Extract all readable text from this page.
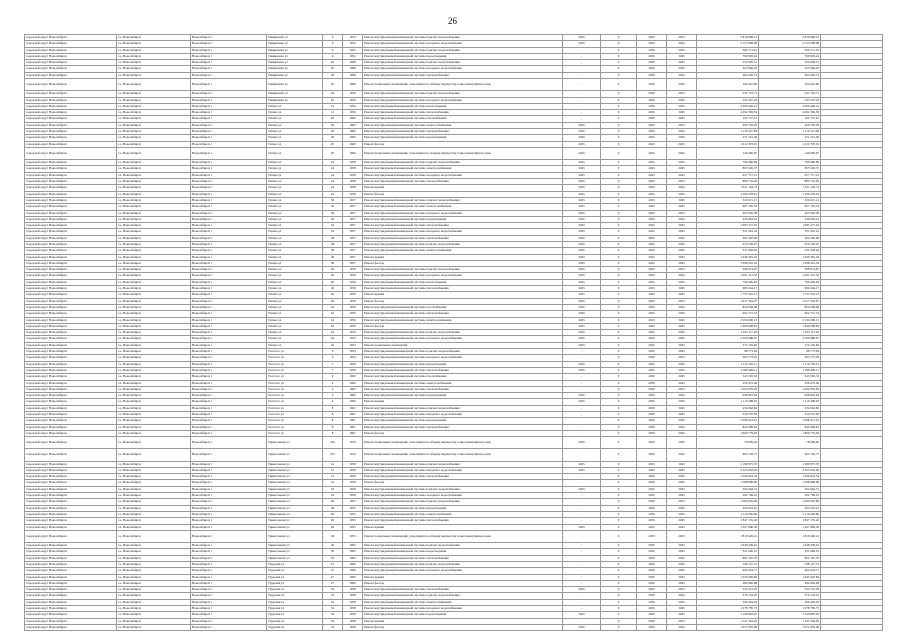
26
городской округ Новосибирск	г.о. Новосибирск	Новосибирск г	Тимирязева ул	6	1952	Ремонт внутридомовой инженерной системы горячего водоснабжения	2045	0	2045	2045	2 819 868,21	2 819 868,21	
городской округ Новосибирск	г.о. Новосибирск	Новосибирск г	Тимирязева ул	6	1952	Ремонт внутридомовой инженерной системы холодного водоснабжения	2045	0	2045	2045	2 155 008,98	2 155 008,98	
городской округ Новосибирск	г.о. Новосибирск	Новосибирск г	Тимирязева ул	6	1952	Ремонт внутридомовой инженерной системы горячего водоснабжения	-	0	2030	2045	309 171,91	309 171,91	
городской округ Новосибирск	г.о. Новосибирск	Новосибирск г	Тимирязева ул	6	1952	Ремонт внутридомовой инженерной системы водоотведения	-	0	2030	2045	799 803,24	799 803,24	
городской округ Новосибирск	г.о. Новосибирск	Новосибирск г	Тимирязева ул	26	1968	Ремонт внутридомовой инженерной системы горячего водоснабжения	-	0	2030	2045	254 609,51	254 609,51	
городской округ Новосибирск	г.о. Новосибирск	Новосибирск г	Тимирязева ул	26	1968	Ремонт внутридомовой инженерной системы холодного водоснабжения	-	0	2030	2045	325 946,22	325 946,22	
городской округ Новосибирск	г.о. Новосибирск	Новосибирск г	Тимирязева ул	26	1968	Ремонт внутридомовой инженерной системы теплоснабжения	-	0	2030	2045	464 026,73	464 026,73	
городской округ Новосибирск	г.о. Новосибирск	Новосибирск г	Тимирязева ул	26	1968	Ремонт подвальных помещений, относящихся к общему имуществу в многоквартирном доме	-	0	2030	2045	104 410,96	104 410,96	
городской округ Новосибирск	г.о. Новосибирск	Новосибирск г	Тимирязева ул	62	1956	Ремонт внутридомовой инженерной системы горячего водоснабжения	-	0	2030	2045	231 701,71	231 701,71	
городской округ Новосибирск	г.о. Новосибирск	Новосибирск г	Тимирязева ул	62	1956	Ремонт внутридомовой инженерной системы холодного водоснабжения	-	0	2030	2045	543 547,43	543 547,43	
городской округ Новосибирск	г.о. Новосибирск	Новосибирск г	Титова ул	12	1956	Ремонт внутридомовой инженерной системы водоотведения	-	0	2030	2045	2 069 446,41	2 069 446,41	
городской округ Новосибирск	г.о. Новосибирск	Новосибирск г	Титова ул	12	1956	Ремонт внутридомовой инженерной системы теплоснабжения	-	0	2030	2045	4 292 369,59	4 292 369,59	
городской округ Новосибирск	г.о. Новосибирск	Новосибирск г	Титова ул	20	1960	Ремонт внутридомовой инженерной системы газоснабжения	-	0	2030	2045	102 137,61	102 137,61	
городской округ Новосибирск	г.о. Новосибирск	Новосибирск г	Титова ул	20	1960	Ремонт внутридомовой инженерной системы электроснабжения	2045	0	2045	2045	406 765,93	406 765,93	
городской округ Новосибирск	г.о. Новосибирск	Новосибирск г	Титова ул	20	1960	Ремонт внутридомовой инженерной системы теплоснабжения	2045	0	2045	2045	1 110 527,08	1 110 527,08	
городской округ Новосибирск	г.о. Новосибирск	Новосибирск г	Титова ул	20	1960	Ремонт внутридомовой инженерной системы водоотведения	2045	0	2045	2045	251 221,49	251 221,49	
городской округ Новосибирск	г.о. Новосибирск	Новосибирск г	Титова ул	20	1960	Ремонт фасада	2045	0	2045	2045	1 012 370,91	1 012 370,91	
городской округ Новосибирск	г.о. Новосибирск	Новосибирск г	Титова ул	20	1960	Ремонт подвальных помещений, относящихся к общему имуществу в многоквартирном доме	2045	0	2045	2045	146 060,97	146 060,97	
городской округ Новосибирск	г.о. Новосибирск	Новосибирск г	Титова ул	24	1958	Ремонт внутридомовой инженерной системы горячего водоснабжения	2045	0	2045	2045	799 486,69	799 486,69	
городской округ Новосибирск	г.о. Новосибирск	Новосибирск г	Титова ул	24	1958	Ремонт внутридомовой инженерной системы электроснабжения	2045	0	2045	2045	805 526,37	805 526,37	
городской округ Новосибирск	г.о. Новосибирск	Новосибирск г	Титова ул	24	1958	Ремонт внутридомовой инженерной системы холодного водоснабжения	2045	0	2045	2045	657 717,12	657 717,12	
городской округ Новосибирск	г.о. Новосибирск	Новосибирск г	Титова ул	24	1958	Ремонт внутридомовой инженерной системы теплоснабжения	2045	0	2045	2045	880 732,02	880 732,02	
городской округ Новосибирск	г.о. Новосибирск	Новосибирск г	Титова ул	24	1958	Ремонт крыши	2045	0	2045	2045	1 321 104,73	1 321 104,73	
городской округ Новосибирск	г.о. Новосибирск	Новосибирск г	Титова ул	24	1958	Ремонт фасада	2045	0	2045	2045	1 109 278,91	1 109 278,91	
городской округ Новосибирск	г.о. Новосибирск	Новосибирск г	Титова ул	30	1957	Ремонт внутридомовой инженерной системы горячего водоснабжения	2045	0	2045	2045	320 615,21	320 615,21	
городской округ Новосибирск	г.о. Новосибирск	Новосибирск г	Титова ул	30	1957	Ремонт внутридомовой инженерной системы электроснабжения	2045	0	2045	2045	907 165,53	907 165,53	
городской округ Новосибирск	г.о. Новосибирск	Новосибирск г	Титова ул	30	1957	Ремонт внутридомовой инженерной системы холодного водоснабжения	2045	0	2045	2045	463 026,38	463 026,38	
городской округ Новосибирск	г.о. Новосибирск	Новосибирск г	Титова ул	30	1957	Ремонт внутридомовой инженерной системы водоотведения	2045	0	2045	2045	436 093,41	436 093,41	
городской округ Новосибирск	г.о. Новосибирск	Новосибирск г	Титова ул	34	1957	Ремонт внутридомовой инженерной системы теплоснабжения	2045	0	2045	2045	1 083 277,45	1 083 277,45	
городской округ Новосибирск	г.о. Новосибирск	Новосибирск г	Титова ул	34	1957	Ремонт внутридомовой инженерной системы холодного водоснабжения	2045	0	2045	2045	351 901,24	351 901,24	
городской округ Новосибирск	г.о. Новосибирск	Новосибирск г	Титова ул	38	1957	Ремонт внутридомовой инженерной системы теплоснабжения	2045	0	2045	2045	294 420,66	294 420,66	
городской округ Новосибирск	г.о. Новосибирск	Новосибирск г	Титова ул	38	1957	Ремонт внутридомовой инженерной системы горячего водоснабжения	2045	0	2045	2045	679 239,07	679 239,07	
городской округ Новосибирск	г.о. Новосибирск	Новосибирск г	Титова ул	38	1957	Ремонт внутридомовой инженерной системы электроснабжения	2045	0	2045	2045	331 628,44	331 628,44	
городской округ Новосибирск	г.о. Новосибирск	Новосибирск г	Титова ул	38	1957	Ремонт крыши	2045	0	2045	2045	1 046 381,18	1 046 381,18	
городской округ Новосибирск	г.о. Новосибирск	Новосибирск г	Титова ул	38	1957	Ремонт фасада	2045	0	2045	2045	1 098 261,54	1 098 261,54	
городской округ Новосибирск	г.о. Новосибирск	Новосибирск г	Титова ул	40	1959	Ремонт внутридомовой инженерной системы горячего водоснабжения	2045	0	2045	2045	398 014,87	398 014,87	
городской округ Новосибирск	г.о. Новосибирск	Новосибирск г	Титова ул	40	1959	Ремонт внутридомовой инженерной системы холодного водоснабжения	2045	0	2045	2045	1 061 212,52	1 061 212,52	
городской округ Новосибирск	г.о. Новосибирск	Новосибирск г	Титова ул	40	1959	Ремонт внутридомовой инженерной системы водоотведения	2045	0	2045	2045	799 449,92	799 449,92	
городской округ Новосибирск	г.о. Новосибирск	Новосибирск г	Титова ул	40	1959	Ремонт внутридомовой инженерной системы теплоснабжения	2045	0	2045	2045	980 244,17	980 244,17	
городской округ Новосибирск	г.о. Новосибирск	Новосибирск г	Титова ул	40	1959	Ремонт крыши	2045	0	2045	2045	1 753 322,13	1 753 322,13	
городской округ Новосибирск	г.о. Новосибирск	Новосибирск г	Титова ул	40	1959	Ремонт фасада	2045	0	2045	2045	1 617 324,07	1 617 324,07	
городской округ Новосибирск	г.о. Новосибирск	Новосибирск г	Титова ул	42	1959	Ремонт внутридомовой инженерной системы газоснабжения	2045	0	2045	2045	854 058,48	854 058,48	
городской округ Новосибирск	г.о. Новосибирск	Новосибирск г	Титова ул	42	1959	Ремонт внутридомовой инженерной системы теплоснабжения	2045	0	2045	2045	602 751,53	602 751,53	
городской округ Новосибирск	г.о. Новосибирск	Новосибирск г	Титова ул	42	1959	Ремонт внутридомовой инженерной системы электроснабжения	2045	0	2045	2045	2 194 600,15	2 194 600,15	
городской округ Новосибирск	г.о. Новосибирск	Новосибирск г	Титова ул	42	1959	Ремонт фасада	2045	0	2045	2045	1 690 008,85	1 690 008,85	
городской округ Новосибирск	г.о. Новосибирск	Новосибирск г	Титова ул	44	1952	Ремонт внутридомовой инженерной системы горячего водоснабжения	2045	0	2045	2045	1 033 117,26	1 033 117,26	
городской округ Новосибирск	г.о. Новосибирск	Новосибирск г	Титова ул	44	1952	Ремонт внутридомовой инженерной системы холодного водоснабжения	2045	0	2045	2045	2 509 988,97	2 509 988,97	
городской округ Новосибирск	г.о. Новосибирск	Новосибирск г	Титова ул	44	1952	Ремонт подвальных помещений	2045	0	2045	2045	274 145,60	274 145,60	
городской округ Новосибирск	г.о. Новосибирск	Новосибирск г	Толстого ул	6	1954	Ремонт внутридомовой инженерной системы горячего водоснабжения	-	0	2030	2045	98 773,64	98 773,64	
городской округ Новосибирск	г.о. Новосибирск	Новосибирск г	Толстого ул	6	1954	Ремонт внутридомовой инженерной системы холодного водоснабжения	-	0	2030	2045	305 773,93	305 773,93	
городской округ Новосибирск	г.о. Новосибирск	Новосибирск г	Толстого ул	7	1958	Ремонт внутридомовой инженерной системы водоотведения	2045	0	2045	2045	1 110 792,51	1 110 792,51	
городской округ Новосибирск	г.о. Новосибирск	Новосибирск г	Толстого ул	7	1958	Ремонт внутридомовой инженерной системы теплоснабжения	2045	0	2045	2045	1 398 406,11	1 398 406,11	
городской округ Новосибирск	г.о. Новосибирск	Новосибирск г	Толстого ул	4	1960	Ремонт внутридомовой инженерной системы газоснабжения	-	0	2030	2045	543 565,33	543 565,33	
городской округ Новосибирск	г.о. Новосибирск	Новосибирск г	Толстого ул	4	1960	Ремонт внутридомовой инженерной системы электроснабжения	-	0	2030	2045	256 472,49	256 472,49	
городской округ Новосибирск	г.о. Новосибирск	Новосибирск г	Толстого ул	4	1960	Ремонт внутридомовой инженерной системы теплоснабжения	-	0	2030	2045	1 062 835,83	1 062 835,83	
городской округ Новосибирск	г.о. Новосибирск	Новосибирск г	Толстого ул	4	1960	Ремонт внутридомовой инженерной системы водоотведения	2045	0	2045	2045	948 801,94	948 801,94	
городской округ Новосибирск	г.о. Новосибирск	Новосибирск г	Толстого ул	4	1960	Ремонт крыши	2045	0	2045	2045	1 110 408,20	1 110 408,20	
городской округ Новосибирск	г.о. Новосибирск	Новосибирск г	Толстого ул	8	1961	Ремонт внутридомовой инженерной системы горячего водоснабжения	-	0	2030	2045	234 662,82	234 662,82	
городской округ Новосибирск	г.о. Новосибирск	Новосибирск г	Толстого ул	8	1961	Ремонт внутридомовой инженерной системы холодного водоснабжения	-	0	2030	2045	520 555,83	520 555,83	
городской округ Новосибирск	г.о. Новосибирск	Новосибирск г	Толстого ул	8	1961	Ремонт внутридомовой инженерной системы водоотведения	-	0	2030	2045	1 008 412,61	1 008 412,61	
городской округ Новосибирск	г.о. Новосибирск	Новосибирск г	Толстого ул	8	1961	Ремонт внутридомовой инженерной системы теплоснабжения	-	0	2030	2045	842 099,81	842 099,81	
городской округ Новосибирск	г.о. Новосибирск	Новосибирск г	Толстого ул	8	1961	Ремонт фасада	-	0	2030	2045	1 809 779,93	1 809 779,93	
городской округ Новосибирск	г.о. Новосибирск	Новосибирск г	Трикотажная ул	33а	1954	Ремонт подвальных помещений, относящихся к общему имуществу в многоквартирном доме	2045	0	2045	2045	78 099,26	78 099,26	
городской округ Новосибирск	г.о. Новосибирск	Новосибирск г	Трикотажная ул	37а	1954	Ремонт подвальных помещений, относящихся к общему имуществу в многоквартирном доме	-	0	2030	2045	463 729,77	463 729,77	
городской округ Новосибирск	г.о. Новосибирск	Новосибирск г	Трикотажная ул	41	1958	Ремонт внутридомовой инженерной системы горячего водоснабжения	2045	0	2045	2045	1 180 875,70	1 180 875,70	
городской округ Новосибирск	г.о. Новосибирск	Новосибирск г	Трикотажная ул	41	1958	Ремонт внутридомовой инженерной системы холодного водоснабжения	2045	0	2045	2045	2 523 632,20	2 523 632,20	
городской округ Новосибирск	г.о. Новосибирск	Новосибирск г	Трикотажная ул	41	1958	Ремонт внутридомовой инженерной системы теплоснабжения	-	0	2030	2045	1 266 623,54	1 266 623,54	
городской округ Новосибирск	г.о. Новосибирск	Новосибирск г	Трикотажная ул	41	1958	Ремонт фасада	-	0	2030	2045	1 588 808,90	1 588 808,90	
городской округ Новосибирск	г.о. Новосибирск	Новосибирск г	Трикотажная ул	43	1958	Ремонт внутридомовой инженерной системы горячего водоснабжения	2045	0	2045	2045	364 664,72	364 664,72	
городской округ Новосибирск	г.о. Новосибирск	Новосибирск г	Трикотажная ул	43	1958	Ремонт внутридомовой инженерной системы холодного водоснабжения	-	0	2030	2045	262 769,01	262 769,01	
городской округ Новосибирск	г.о. Новосибирск	Новосибирск г	Трикотажная ул	49	1955	Ремонт внутридомовой инженерной системы горячего водоснабжения	-	0	2030	2045	1 069 602,86	1 069 602,86	
городской округ Новосибирск	г.о. Новосибирск	Новосибирск г	Трикотажная ул	49	1955	Ремонт внутридомовой инженерной системы водоотведения	-	0	2030	2045	295 023,01	295 023,01	
городской округ Новосибирск	г.о. Новосибирск	Новосибирск г	Трикотажная ул	49	1955	Ремонт внутридомовой инженерной системы электроснабжения	-	0	2030	2045	1 119 050,66	1 119 050,66	
городской округ Новосибирск	г.о. Новосибирск	Новосибирск г	Трикотажная ул	49	1955	Ремонт внутридомовой инженерной системы теплоснабжения	-	0	2030	2045	1 847 155,26	1 847 155,26	
городской округ Новосибирск	г.о. Новосибирск	Новосибирск г	Трикотажная ул	49	1955	Ремонт крыши	2045	0	2045	2045	1 267 686,30	1 267 686,30	
городской округ Новосибирск	г.о. Новосибирск	Новосибирск г	Трикотажная ул	49	1955	Ремонт подвальных помещений, относящихся к общему имуществу в многоквартирном доме	-	0	2030	2045	1 819 426,41	1 819 426,41	
городской округ Новосибирск	г.о. Новосибирск	Новосибирск г	Трикотажная ул	50	1962	Ремонт внутридомовой инженерной системы горячего водоснабжения	-	0	2030	2045	1 648 439,61	1 648 439,61	
городской округ Новосибирск	г.о. Новосибирск	Новосибирск г	Трикотажная ул	50	1962	Ремонт внутридомовой инженерной системы водоотведения	-	0	2030	2045	321 660,01	321 660,01	
городской округ Новосибирск	г.о. Новосибирск	Новосибирск г	Трикотажная ул	50	1962	Ремонт внутридомовой инженерной системы теплоснабжения	-	0	2030	2045	802 197,70	802 197,70	
городской округ Новосибирск	г.о. Новосибирск	Новосибирск г	Трудовая ул	27	1960	Ремонт внутридомовой инженерной системы горячего водоснабжения	-	0	2030	2045	798 127,31	798 127,31	
городской округ Новосибирск	г.о. Новосибирск	Новосибирск г	Трудовая ул	27	1960	Ремонт внутридомовой инженерной системы холодного водоснабжения	-	0	2030	2045	464 419,71	464 419,71	
городской округ Новосибирск	г.о. Новосибирск	Новосибирск г	Трудовая ул	27	1960	Ремонт крыши	-	0	2030	2045	1 045 620,84	1 045 620,84	
городской округ Новосибирск	г.о. Новосибирск	Новосибирск г	Трудовая ул	27	1960	Ремонт фасада	-	0	2030	2045	484 682,08	484 682,08	
городской округ Новосибирск	г.о. Новосибирск	Новосибирск г	Трудовая ул	32	1958	Ремонт внутридомовой инженерной системы теплоснабжения	2045	0	2045	2045	524 551,93	524 551,93	
городской округ Новосибирск	г.о. Новосибирск	Новосибирск г	Трудовая ул	32	1958	Ремонт внутридомовой инженерной системы горячего водоснабжения	-	0	2030	2045	376 134,01	376 134,01	
городской округ Новосибирск	г.о. Новосибирск	Новосибирск г	Трудовая ул	32	1958	Ремонт внутридомовой инженерной системы электроснабжения	-	0	2030	2045	396 404,03	396 404,03	
городской округ Новосибирск	г.о. Новосибирск	Новосибирск г	Трудовая ул	32	1958	Ремонт внутридомовой инженерной системы холодного водоснабжения	-	0	2030	2045	1 078 785,75	1 078 785,75	
городской округ Новосибирск	г.о. Новосибирск	Новосибирск г	Трудовая ул	32	1958	Ремонт внутридомовой инженерной системы водоотведения	2045	0	2045	2045	1 166 893,05	1 166 893,05	
городской округ Новосибирск	г.о. Новосибирск	Новосибирск г	Трудовая ул	32	1958	Ремонт крыши	-	0	2030	2045	1 141 564,02	1 141 564,02	
городской округ Новосибирск	г.о. Новосибирск	Новосибирск г	Трудовая ул	32	1958	Ремонт фасада	2045	0	2045	2045	1 071 835,09	1 071 835,09	
